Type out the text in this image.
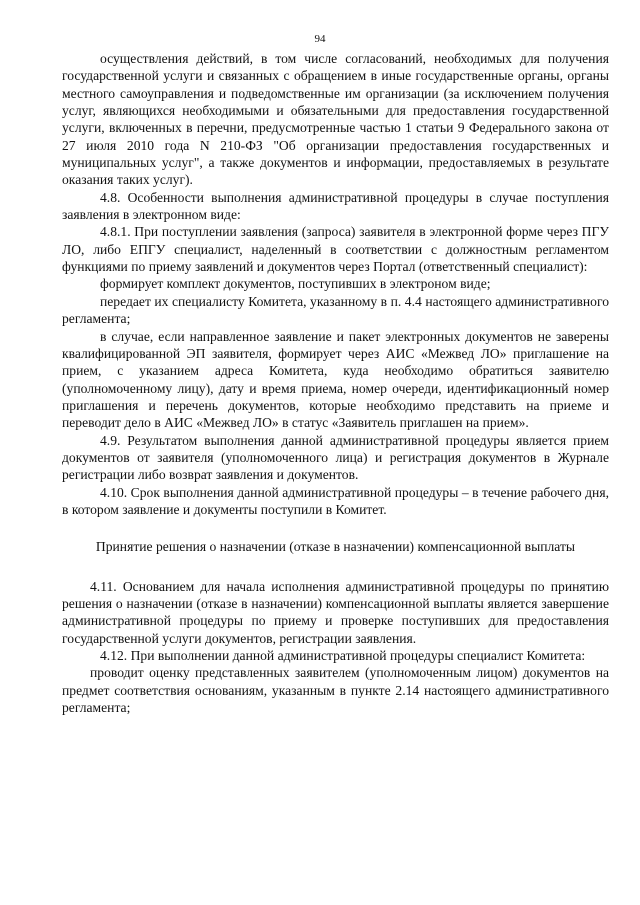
94

осуществления действий, в том числе согласований, необходимых для получения государственной услуги и связанных с обращением в иные государственные органы, органы местного самоуправления и подведомственные им организации (за исключением получения услуг, являющихся необходимыми и обязательными для предоставления государственной услуги, включенных в перечни, предусмотренные частью 1 статьи 9 Федерального закона от 27 июля 2010 года N 210-ФЗ "Об организации предоставления государственных и муниципальных услуг", а также документов и информации, предоставляемых в результате оказания таких услуг).

4.8. Особенности выполнения административной процедуры в случае поступления заявления в электронном виде:

4.8.1. При поступлении заявления (запроса) заявителя в электронной форме через ПГУ ЛО, либо ЕПГУ специалист, наделенный в соответствии с должностным регламентом функциями по приему заявлений и документов через Портал (ответственный специалист):

формирует комплект документов, поступивших в электроном виде;

передает их специалисту Комитета, указанному в п. 4.4 настоящего административного регламента;

в случае, если направленное заявление и пакет электронных документов не заверены квалифицированной ЭП заявителя, формирует через АИС «Межвед ЛО» приглашение на прием, с указанием адреса Комитета, куда необходимо обратиться заявителю (уполномоченному лицу), дату и время приема, номер очереди, идентификационный номер приглашения и перечень документов, которые необходимо представить на приеме и переводит дело в АИС «Межвед ЛО» в статус «Заявитель приглашен на прием».

4.9. Результатом выполнения данной административной процедуры является прием документов от заявителя (уполномоченного лица) и регистрация документов в Журнале регистрации либо возврат заявления и документов.

4.10. Срок выполнения данной административной процедуры – в течение рабочего дня, в котором заявление и документы поступили в Комитет.

Принятие решения о назначении (отказе в назначении) компенсационной выплаты

4.11. Основанием для начала исполнения административной процедуры по принятию решения о назначении (отказе в назначении) компенсационной выплаты является завершение административной процедуры по приему и проверке поступивших для предоставления государственной услуги документов, регистрации заявления.

4.12. При выполнении данной административной процедуры специалист Комитета:

проводит оценку представленных заявителем (уполномоченным лицом) документов на предмет соответствия основаниям, указанным в пункте 2.14 настоящего административного регламента;
